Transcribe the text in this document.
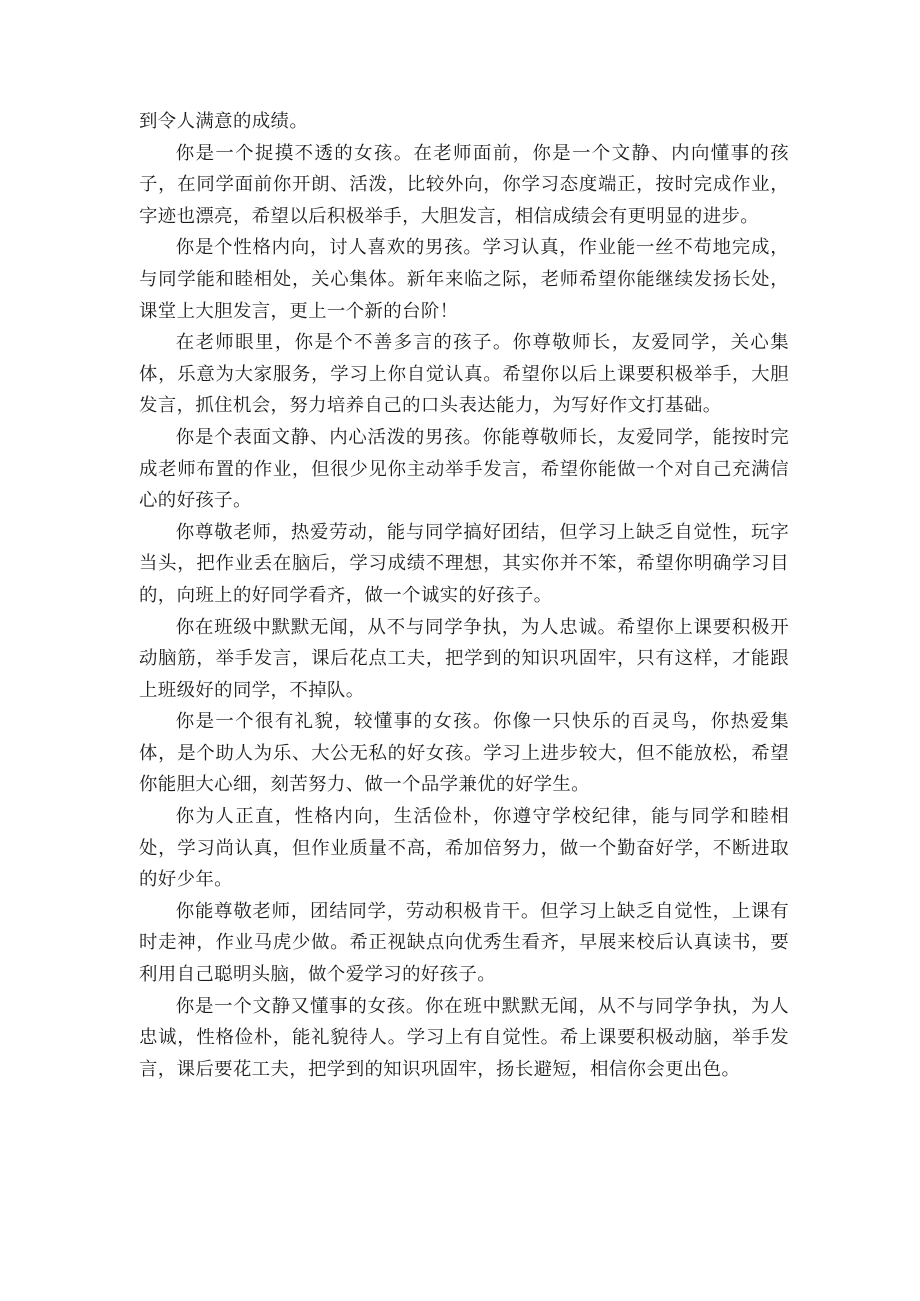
到令人满意的成绩。

你是一个捉摸不透的女孩。在老师面前，你是一个文静、内向懂事的孩子，在同学面前你开朗、活泼，比较外向，你学习态度端正，按时完成作业，字迹也漂亮，希望以后积极举手，大胆发言，相信成绩会有更明显的进步。

你是个性格内向，讨人喜欢的男孩。学习认真，作业能一丝不苟地完成，与同学能和睦相处，关心集体。新年来临之际，老师希望你能继续发扬长处，课堂上大胆发言，更上一个新的台阶！

在老师眼里，你是个不善多言的孩子。你尊敬师长，友爱同学，关心集体，乐意为大家服务，学习上你自觉认真。希望你以后上课要积极举手，大胆发言，抓住机会，努力培养自己的口头表达能力，为写好作文打基础。

你是个表面文静、内心活泼的男孩。你能尊敬师长，友爱同学，能按时完成老师布置的作业，但很少见你主动举手发言，希望你能做一个对自己充满信心的好孩子。

你尊敬老师，热爱劳动，能与同学搞好团结，但学习上缺乏自觉性，玩字当头，把作业丢在脑后，学习成绩不理想，其实你并不笨，希望你明确学习目的，向班上的好同学看齐，做一个诚实的好孩子。

你在班级中默默无闻，从不与同学争执，为人忠诚。希望你上课要积极开动脑筋，举手发言，课后花点工夫，把学到的知识巩固牢，只有这样，才能跟上班级好的同学，不掉队。

你是一个很有礼貌，较懂事的女孩。你像一只快乐的百灵鸟，你热爱集体，是个助人为乐、大公无私的好女孩。学习上进步较大，但不能放松，希望你能胆大心细，刻苦努力、做一个品学兼优的好学生。

你为人正直，性格内向，生活俭朴，你遵守学校纪律，能与同学和睦相处，学习尚认真，但作业质量不高，希加倍努力，做一个勤奋好学，不断进取的好少年。

你能尊敬老师，团结同学，劳动积极肯干。但学习上缺乏自觉性，上课有时走神，作业马虎少做。希正视缺点向优秀生看齐，早展来校后认真读书，要利用自己聪明头脑，做个爱学习的好孩子。

你是一个文静又懂事的女孩。你在班中默默无闻，从不与同学争执，为人忠诚，性格俭朴，能礼貌待人。学习上有自觉性。希上课要积极动脑，举手发言，课后要花工夫，把学到的知识巩固牢，扬长避短，相信你会更出色。
